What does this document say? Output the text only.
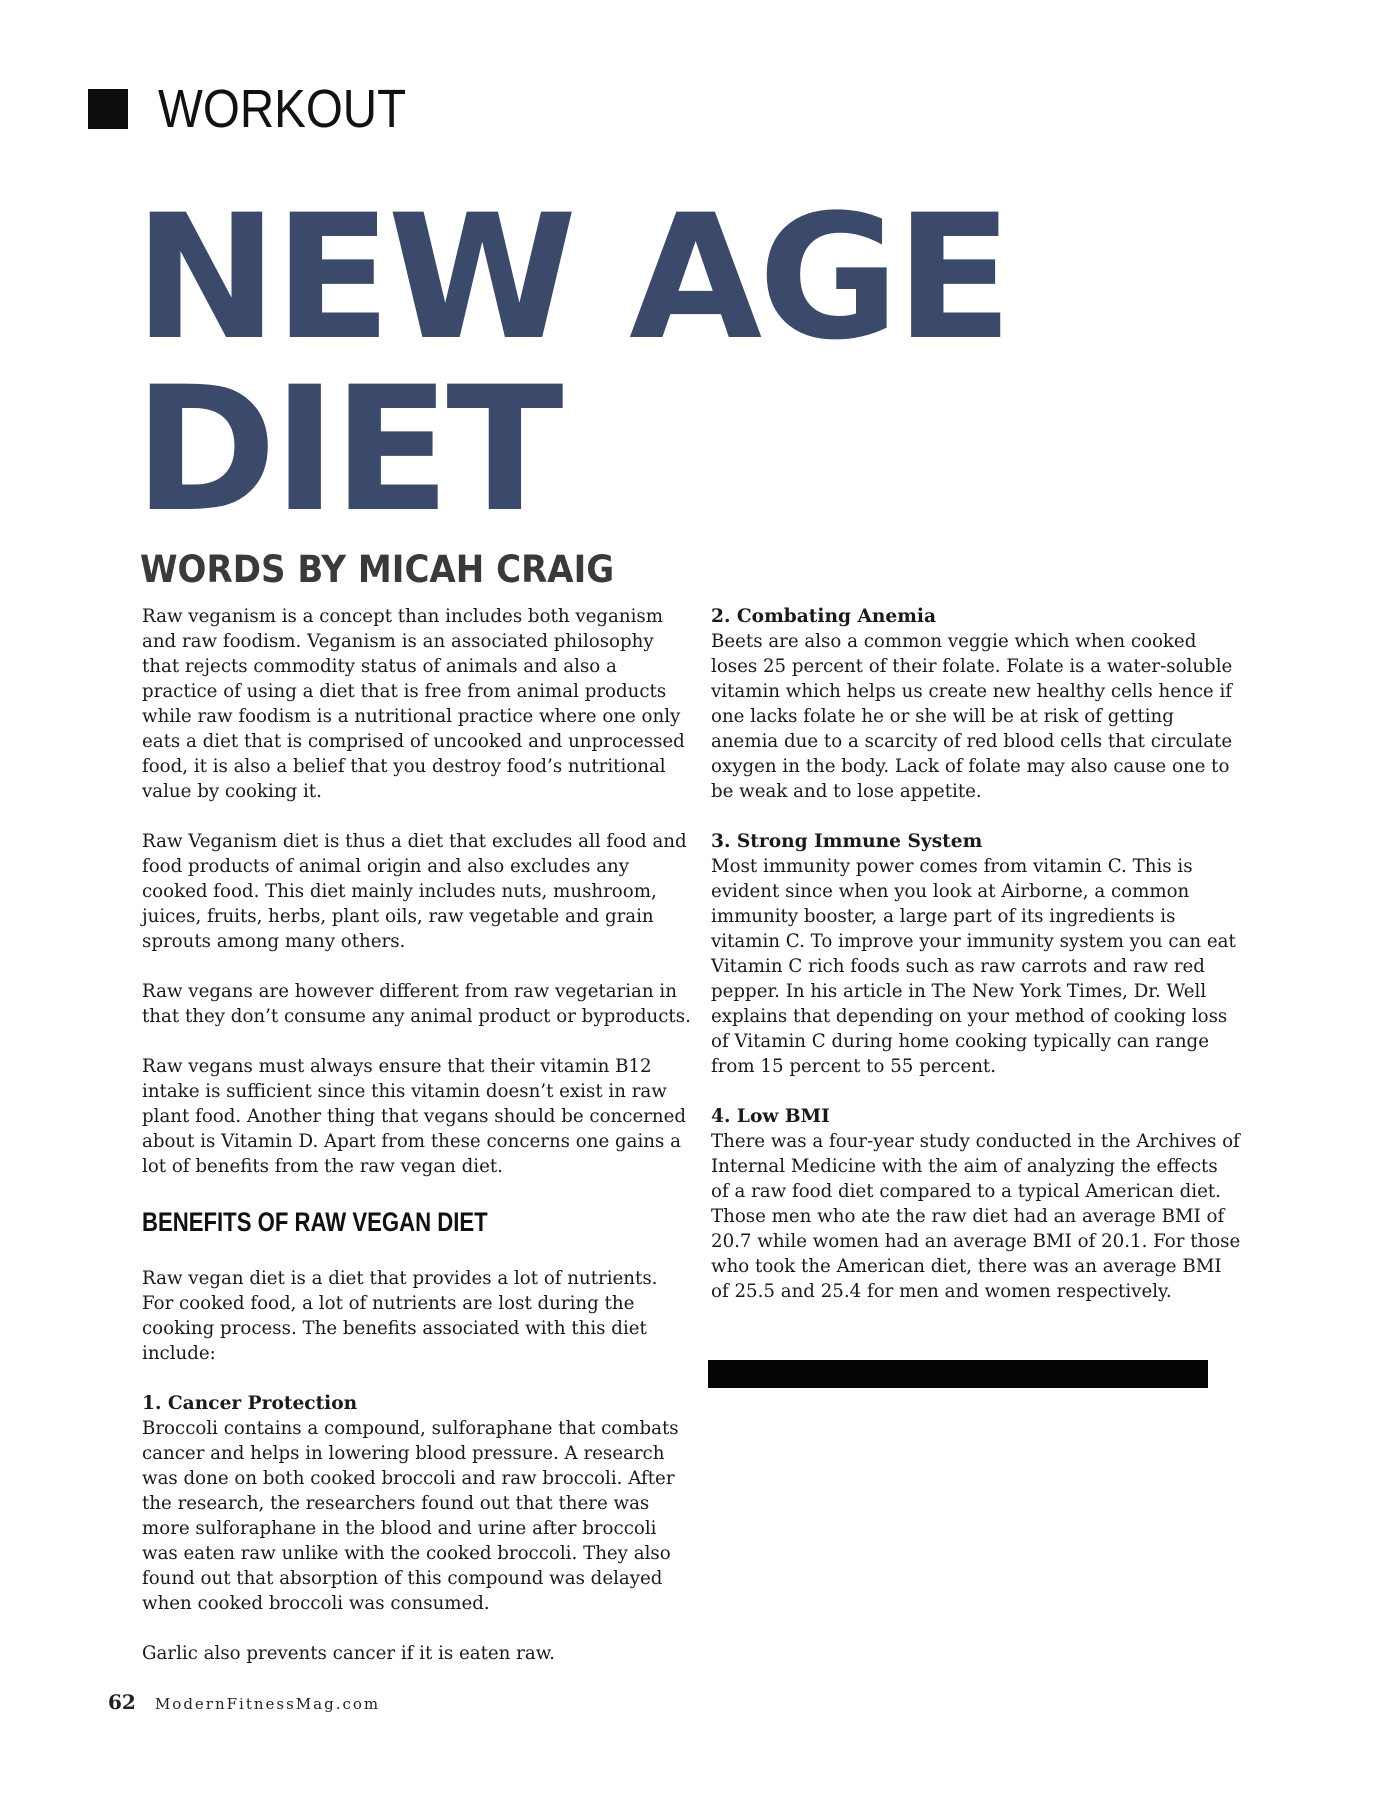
WORKOUT
NEW AGE
DIET
WORDS BY MICAH CRAIG

Raw veganism is a concept than includes both veganism and raw foodism. Veganism is an associated philosophy that rejects commodity status of animals and also a practice of using a diet that is free from animal products while raw foodism is a nutritional practice where one only eats a diet that is comprised of uncooked and unprocessed food, it is also a belief that you destroy food’s nutritional value by cooking it.

Raw Veganism diet is thus a diet that excludes all food and food products of animal origin and also excludes any cooked food. This diet mainly includes nuts, mushroom, juices, fruits, herbs, plant oils, raw vegetable and grain sprouts among many others.

Raw vegans are however different from raw vegetarian in that they don’t consume any animal product or byproducts.

Raw vegans must always ensure that their vitamin B12 intake is sufficient since this vitamin doesn’t exist in raw plant food. Another thing that vegans should be concerned about is Vitamin D. Apart from these concerns one gains a lot of benefits from the raw vegan diet.

BENEFITS OF RAW VEGAN DIET

Raw vegan diet is a diet that provides a lot of nutrients. For cooked food, a lot of nutrients are lost during the cooking process. The benefits associated with this diet include:

1. Cancer Protection
Broccoli contains a compound, sulforaphane that combats cancer and helps in lowering blood pressure. A research was done on both cooked broccoli and raw broccoli. After the research, the researchers found out that there was more sulforaphane in the blood and urine after broccoli was eaten raw unlike with the cooked broccoli. They also found out that absorption of this compound was delayed when cooked broccoli was consumed.

Garlic also prevents cancer if it is eaten raw.

2. Combating Anemia
Beets are also a common veggie which when cooked loses 25 percent of their folate. Folate is a water-soluble vitamin which helps us create new healthy cells hence if one lacks folate he or she will be at risk of getting anemia due to a scarcity of red blood cells that circulate oxygen in the body. Lack of folate may also cause one to be weak and to lose appetite.
3. Strong Immune System
Most immunity power comes from vitamin C. This is evident since when you look at Airborne, a common immunity booster, a large part of its ingredients is vitamin C. To improve your immunity system you can eat Vitamin C rich foods such as raw carrots and raw red pepper. In his article in The New York Times, Dr. Well explains that depending on your method of cooking loss of Vitamin C during home cooking typically can range from 15 percent to 55 percent.
4. Low BMI
There was a four-year study conducted in the Archives of Internal Medicine with the aim of analyzing the effects of a raw food diet compared to a typical American diet. Those men who ate the raw diet had an average BMI of 20.7 while women had an average BMI of 20.1. For those who took the American diet, there was an average BMI of 25.5 and 25.4 for men and women respectively.
62 ModernFitnessMag.com
